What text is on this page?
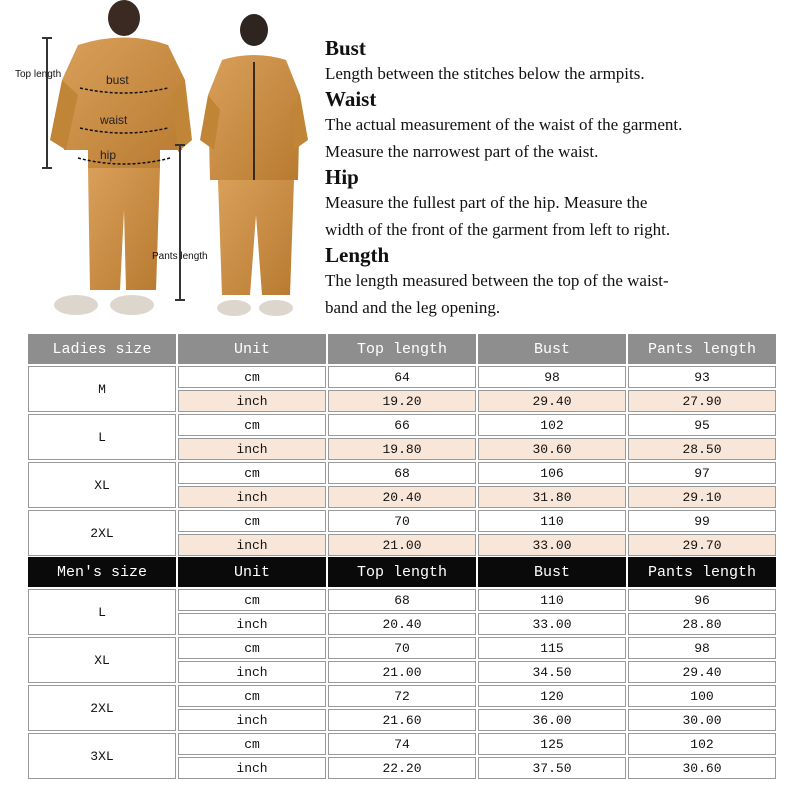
bust
waist
hip
Top length
Pants length

Bust

Length between the stitches below the armpits.

Waist

The actual measurement of the waist of the garment.

Measure the narrowest part of the waist.

Hip

Measure the fullest part of the hip. Measure the

width of the front of the garment from left to right.

Length

The length measured between the top of the waist-

band and the leg opening.

Ladies size	Unit	Top length	Bust	Pants length
M	cm	64	98	93
	inch	19.20	29.40	27.90
L	cm	66	102	95
	inch	19.80	30.60	28.50
XL	cm	68	106	97
	inch	20.40	31.80	29.10
2XL	cm	70	110	99
	inch	21.00	33.00	29.70
Men's size	Unit	Top length	Bust	Pants length
L	cm	68	110	96
	inch	20.40	33.00	28.80
XL	cm	70	115	98
	inch	21.00	34.50	29.40
2XL	cm	72	120	100
	inch	21.60	36.00	30.00
3XL	cm	74	125	102
	inch	22.20	37.50	30.60
